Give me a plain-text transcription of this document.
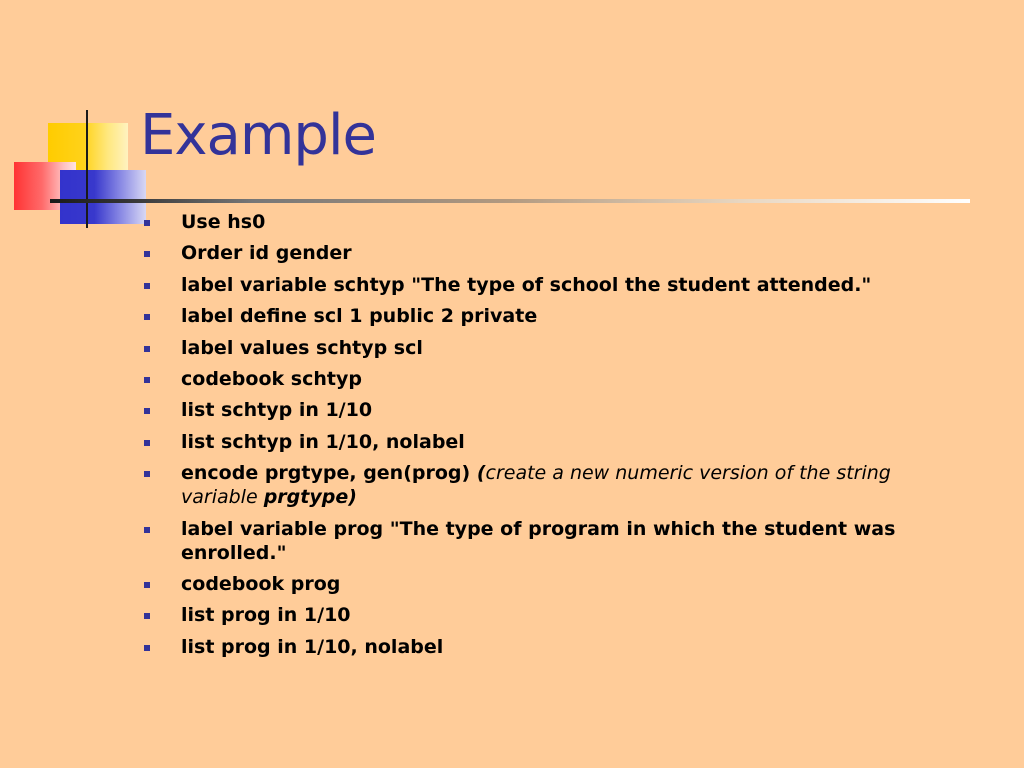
Example
Use hs0
Order id gender
label variable schtyp "The type of school the student attended."
label define scl 1 public 2 private
label values schtyp scl
codebook schtyp
list schtyp in 1/10
list schtyp in 1/10, nolabel
encode prgtype, gen(prog) (create a new numeric version of the string variable prgtype)
label variable prog "The type of program in which the student was enrolled."
codebook prog
list prog in 1/10
list prog in 1/10, nolabel
